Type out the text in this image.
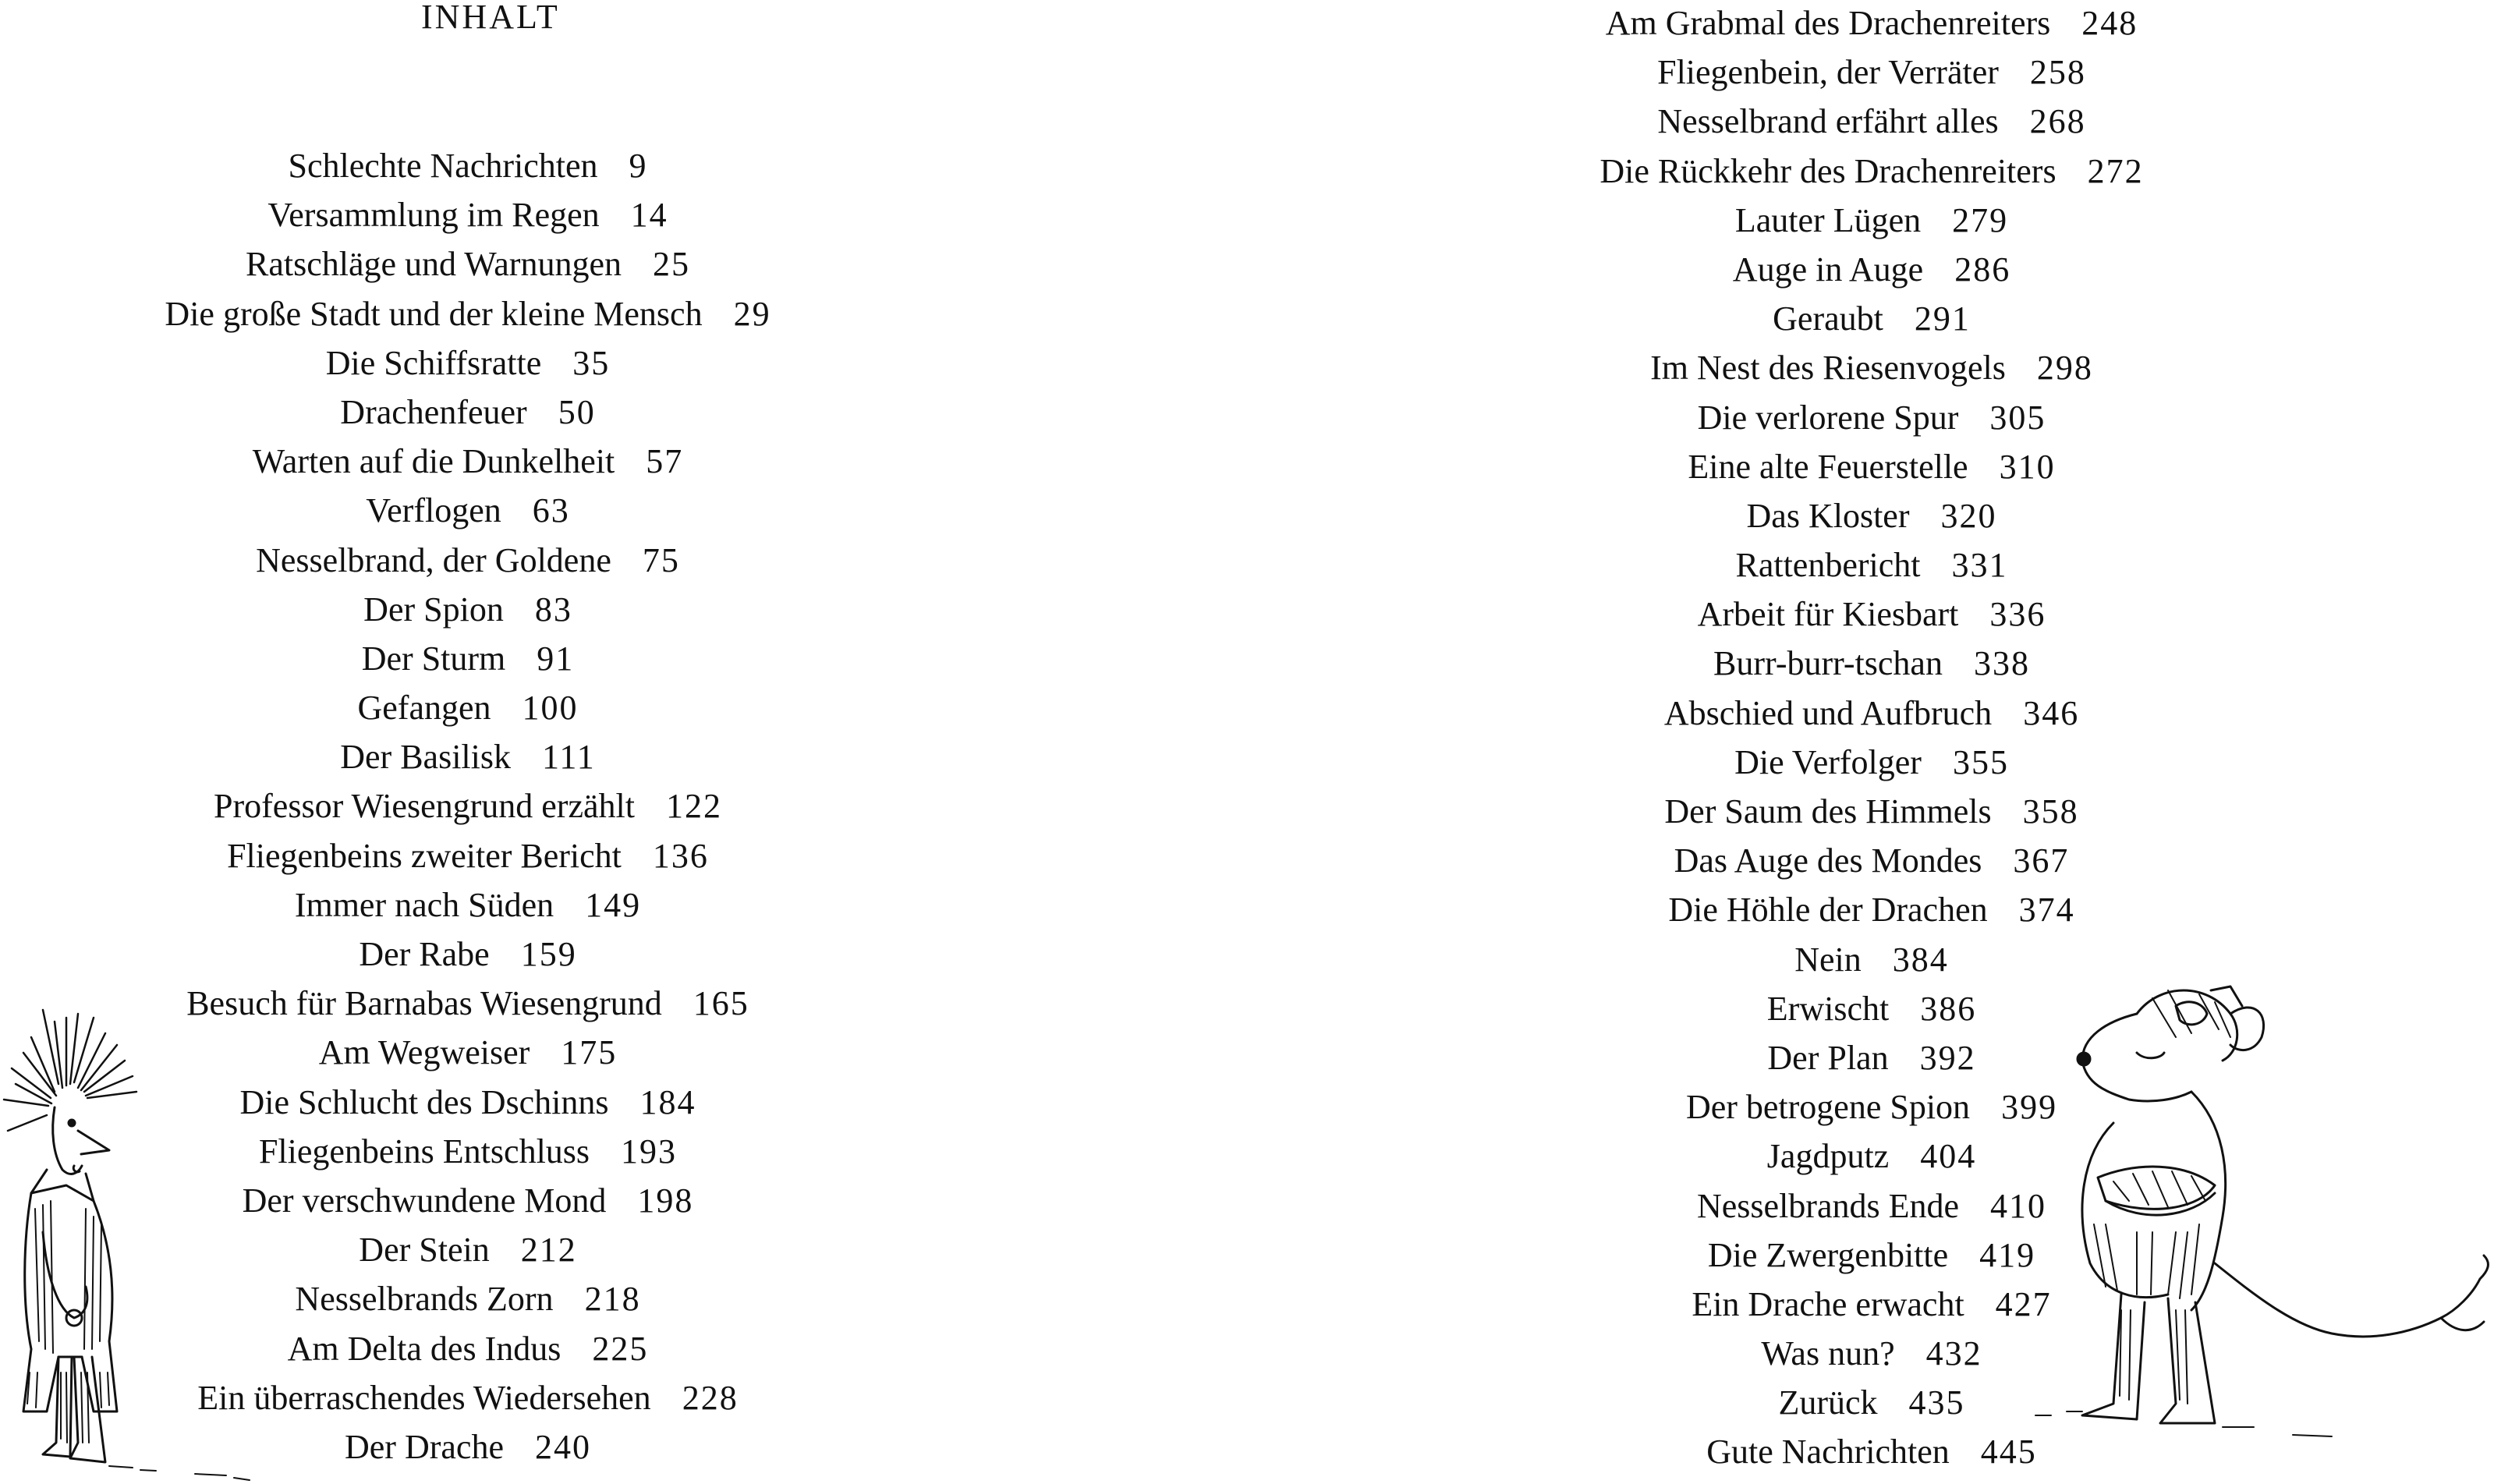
INHALT
Schlechte Nachrichten 9
Versammlung im Regen 14
Ratschläge und Warnungen 25
Die große Stadt und der kleine Mensch 29
Die Schiffsratte 35
Drachenfeuer 50
Warten auf die Dunkelheit 57
Verflogen 63
Nesselbrand, der Goldene 75
Der Spion 83
Der Sturm 91
Gefangen 100
Der Basilisk 111
Professor Wiesengrund erzählt 122
Fliegenbeins zweiter Bericht 136
Immer nach Süden 149
Der Rabe 159
Besuch für Barnabas Wiesengrund 165
Am Wegweiser 175
Die Schlucht des Dschinns 184
Fliegenbeins Entschluss 193
Der verschwundene Mond 198
Der Stein 212
Nesselbrands Zorn 218
Am Delta des Indus 225
Ein überraschendes Wiedersehen 228
Der Drache 240
Am Grabmal des Drachenreiters 248
Fliegenbein, der Verräter 258
Nesselbrand erfährt alles 268
Die Rückkehr des Drachenreiters 272
Lauter Lügen 279
Auge in Auge 286
Geraubt 291
Im Nest des Riesenvogels 298
Die verlorene Spur 305
Eine alte Feuerstelle 310
Das Kloster 320
Rattenbericht 331
Arbeit für Kiesbart 336
Burr-burr-tschan 338
Abschied und Aufbruch 346
Die Verfolger 355
Der Saum des Himmels 358
Das Auge des Mondes 367
Die Höhle der Drachen 374
Nein 384
Erwischt 386
Der Plan 392
Der betrogene Spion 399
Jagdputz 404
Nesselbrands Ende 410
Die Zwergenbitte 419
Ein Drache erwacht 427
Was nun? 432
Zurück 435
Gute Nachrichten 445
